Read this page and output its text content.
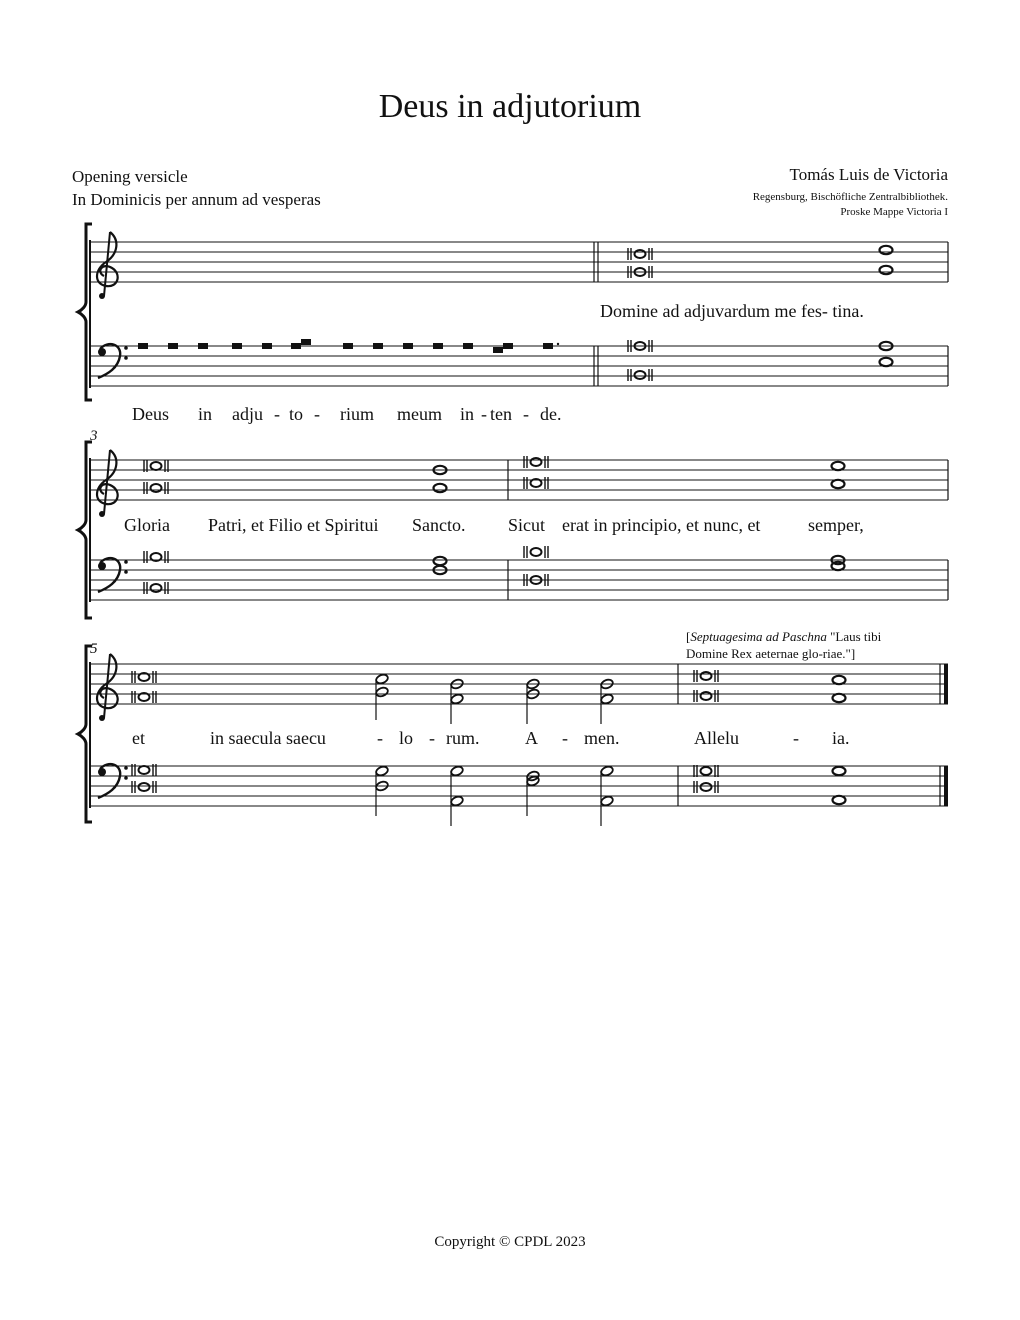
Deus in adjutorium
Opening versicle
In Dominicis per annum ad vesperas
Tomás Luis de Victoria
Regensburg, Bischöfliche Zentralbibliothek.
Proske Mappe Victoria I
Domine ad adjuvardum me fes- tina.
Deus in adju - to - rium meum in - ten - de.
3
Gloria Patri, et Filio et Spiritui Sancto. Sicut erat in principio, et nunc, et	semper,
5
[Septuagesima ad Paschna "Laus tibi
Domine Rex aeternae glo-riae."]
et	in saecula saecu	- lo - rum.	A - men.	Allelu	- ia.
Copyright © CPDL 2023
